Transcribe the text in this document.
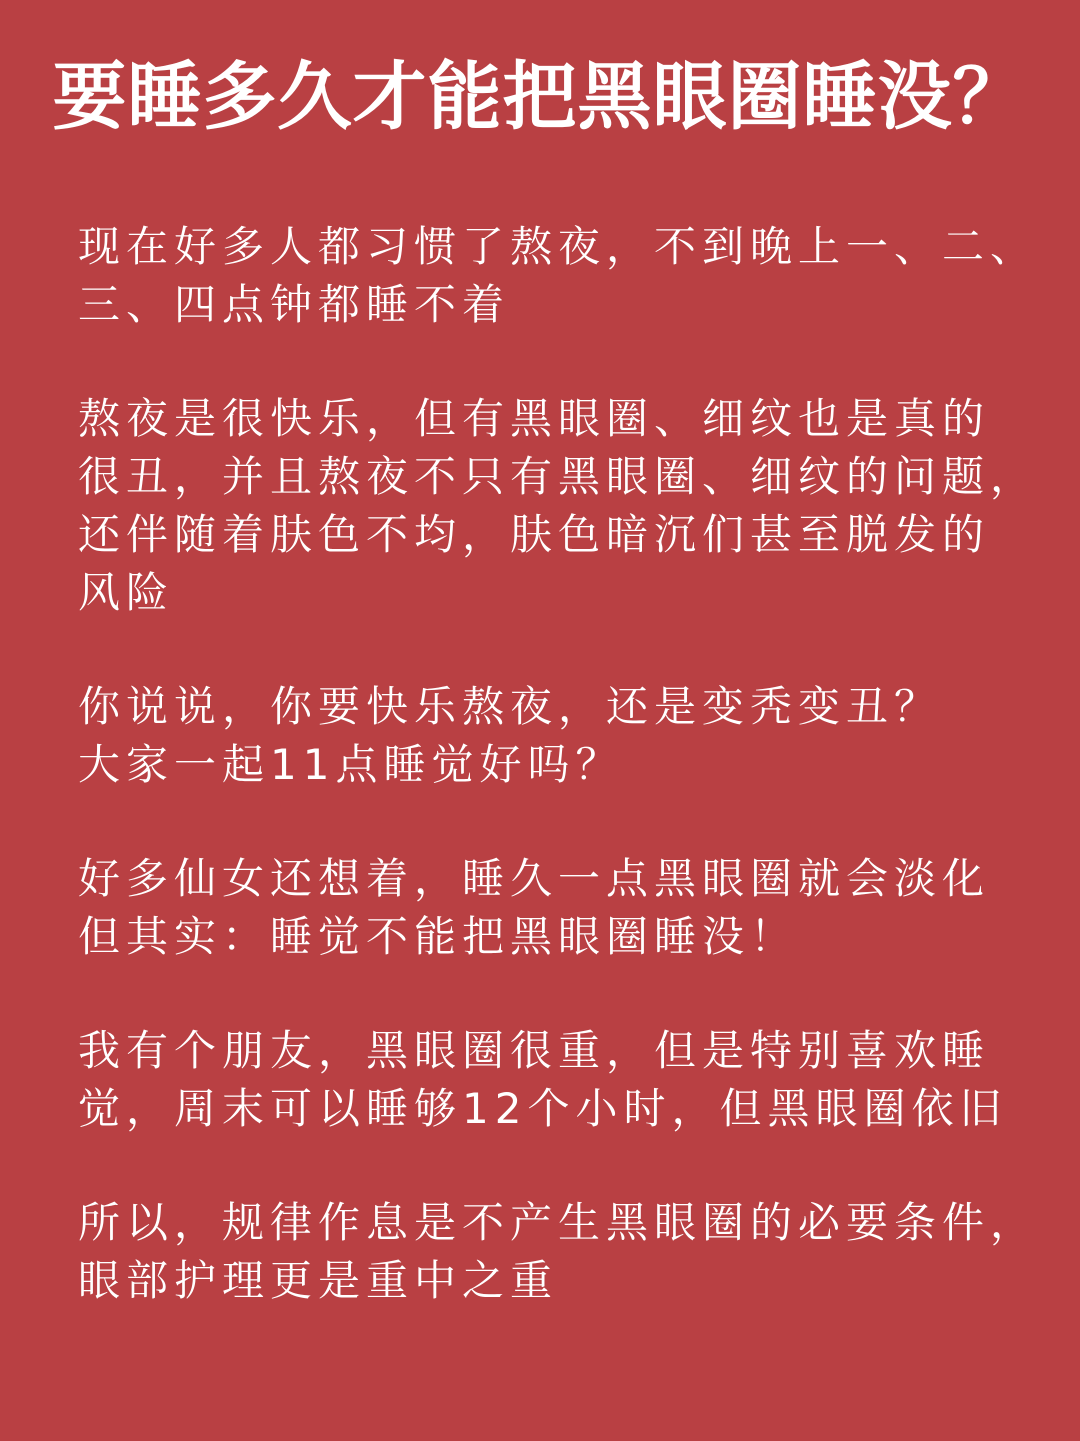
要睡多久才能把黑眼圈睡没？
现在好多人都习惯了熬夜，不到晚上一、二、
三、四点钟都睡不着
熬夜是很快乐，但有黑眼圈、细纹也是真的
很丑，并且熬夜不只有黑眼圈、细纹的问题，
还伴随着肤色不均，肤色暗沉们甚至脱发的
风险
你说说，你要快乐熬夜，还是变秃变丑？
大家一起11点睡觉好吗？
好多仙女还想着，睡久一点黑眼圈就会淡化
但其实：睡觉不能把黑眼圈睡没！
我有个朋友，黑眼圈很重，但是特别喜欢睡
觉，周末可以睡够12个小时，但黑眼圈依旧
所以，规律作息是不产生黑眼圈的必要条件，
眼部护理更是重中之重
